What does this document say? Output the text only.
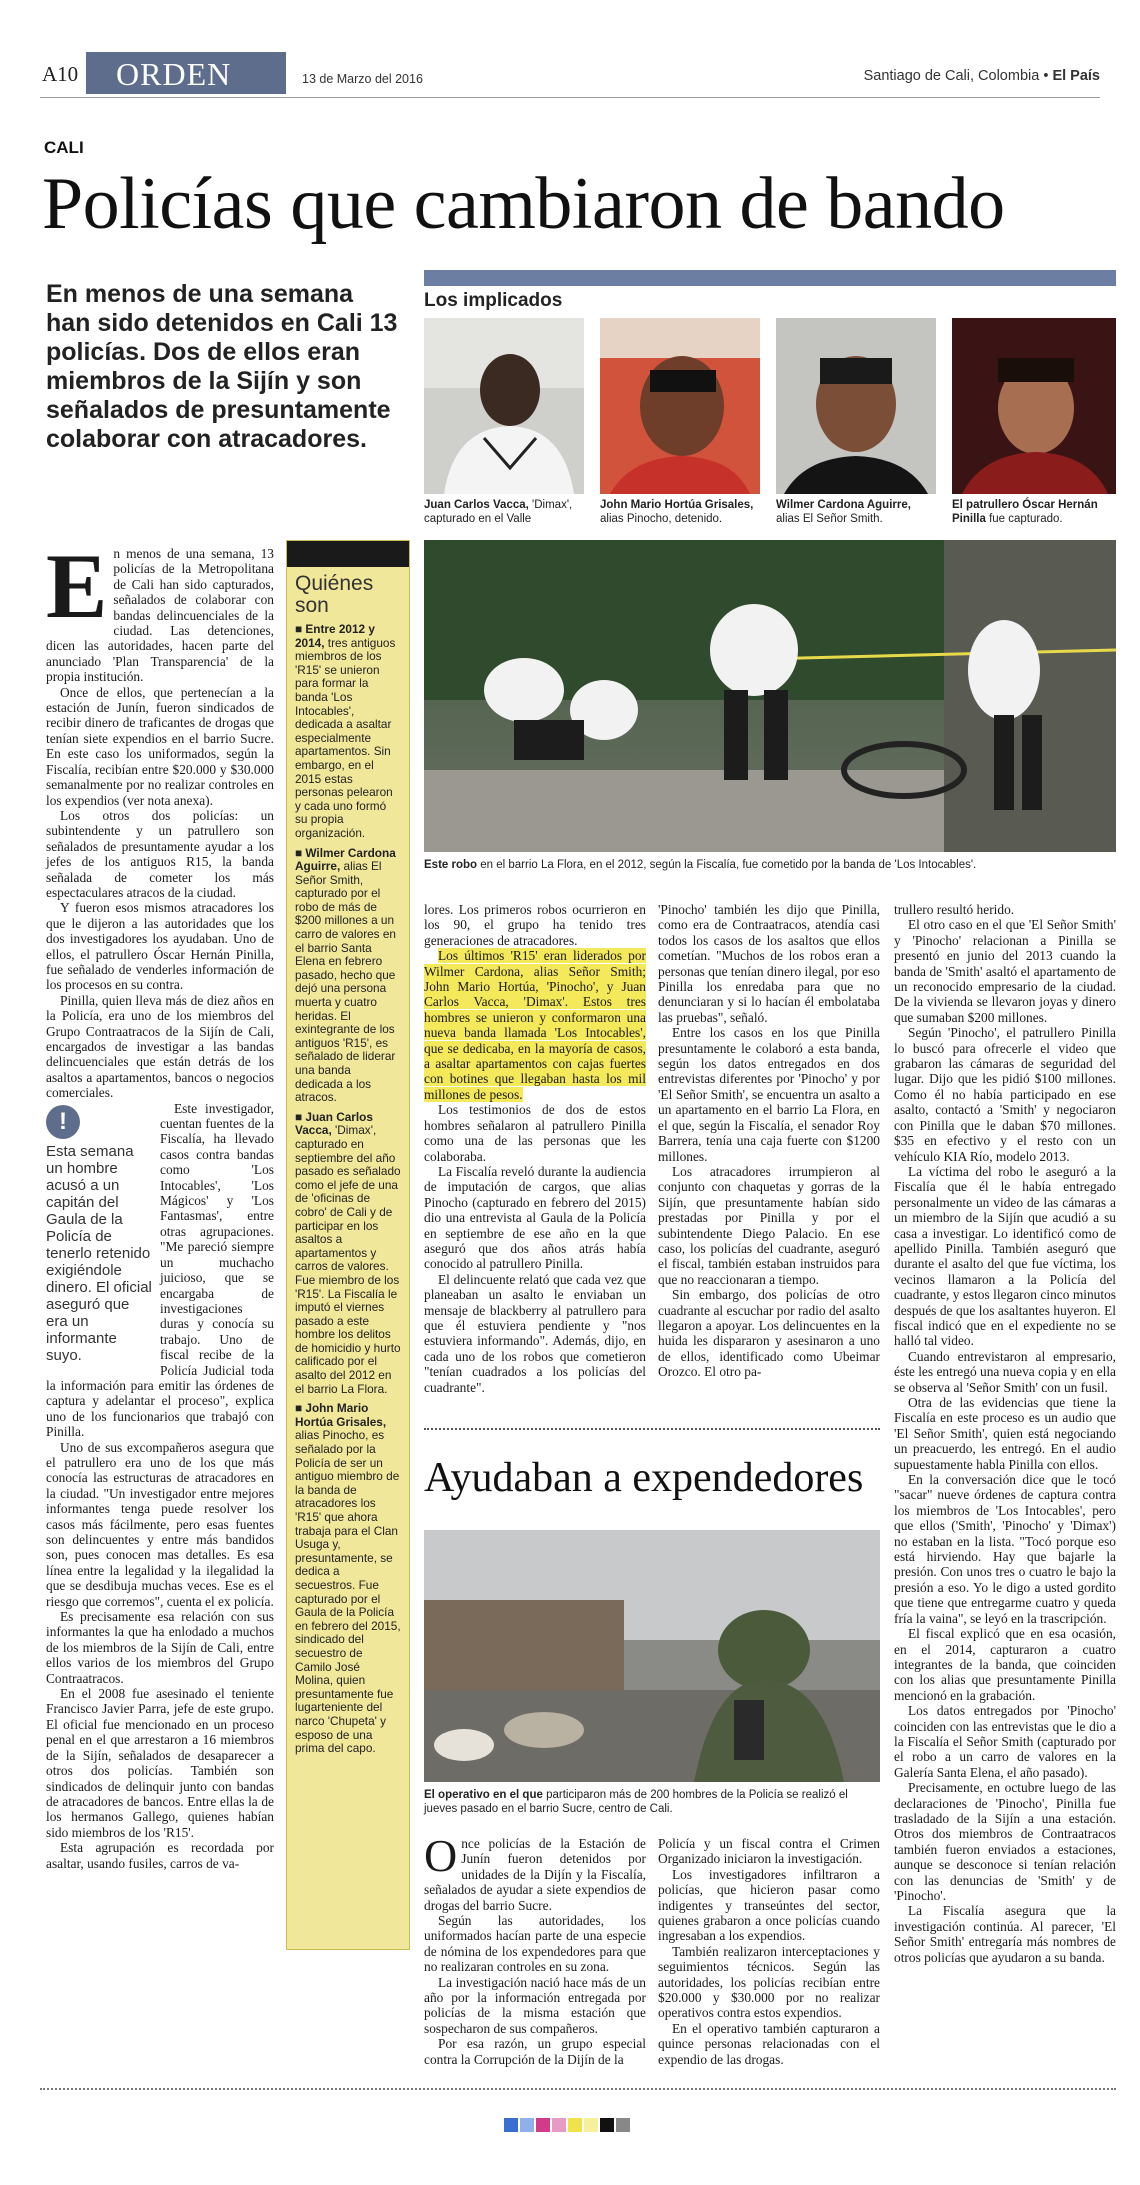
A10 ORDEN	13 de Marzo del 2016	Santiago de Cali, Colombia • El País
CALI
Policías que cambiaron de bando
En menos de una semana han sido detenidos en Cali 13 policías. Dos de ellos eran miembros de la Sijín y son señalados de presuntamente colaborar con atracadores.
Los implicados
Juan Carlos Vacca, 'Dimax', capturado en el Valle
John Mario Hortúa Grisales, alias Pinocho, detenido.
Wilmer Cardona Aguirre, alias El Señor Smith.
El patrullero Óscar Hernán Pinilla fue capturado.
Este robo en el barrio La Flora, en el 2012, según la Fiscalía, fue cometido por la banda de 'Los Intocables'.
E n menos de una semana, 13 policías de la Metropolitana de Cali han sido capturados, señalados de colaborar con bandas delincuenciales de la ciudad. Las detenciones, dicen las autoridades, hacen parte del anunciado 'Plan Transparencia' de la propia institución.

Once de ellos, que pertenecían a la estación de Junín, fueron sindicados de recibir dinero de traficantes de drogas que tenían siete expendios en el barrio Sucre. En este caso los uniformados, según la Fiscalía, recibían entre $20.000 y $30.000 semanalmente por no realizar controles en los expendios (ver nota anexa).

Los otros dos policías: un subintendente y un patrullero son señalados de presuntamente ayudar a los jefes de los antiguos R15, la banda señalada de cometer los más espectaculares atracos de la ciudad.

Y fueron esos mismos atracadores los que le dijeron a las autoridades que los dos investigadores los ayudaban. Uno de ellos, el patrullero Óscar Hernán Pinilla, fue señalado de venderles información de los procesos en su contra.

Pinilla, quien lleva más de diez años en la Policía, era uno de los miembros del Grupo Contraatracos de la Sijín de Cali, encargados de investigar a las bandas delincuenciales que están detrás de los asaltos a apartamentos, bancos o negocios comerciales.

!
Esta semana un hombre acusó a un capitán del Gaula de la Policía de tenerlo retenido exigiéndole dinero. El oficial aseguró que era un informante suyo.

Este investigador, cuentan fuentes de la Fiscalía, ha llevado casos contra bandas como 'Los Intocables', 'Los Mágicos' y 'Los Fantasmas', entre otras agrupaciones. "Me pareció siempre un muchacho juicioso, que se encargaba de investigaciones duras y conocía su trabajo. Uno de fiscal recibe de la Policía Judicial toda la información para emitir las órdenes de captura y adelantar el proceso", explica uno de los funcionarios que trabajó con Pinilla.

Uno de sus excompañeros asegura que el patrullero era uno de los que más conocía las estructuras de atracadores en la ciudad. "Un investigador entre mejores informantes tenga puede resolver los casos más fácilmente, pero esas fuentes son delincuentes y entre más bandidos son, pues conocen mas detalles. Es esa línea entre la legalidad y la ilegalidad la que se desdibuja muchas veces. Ese es el riesgo que corremos", cuenta el ex policía.

Es precisamente esa relación con sus informantes la que ha enlodado a muchos de los miembros de la Sijín de Cali, entre ellos varios de los miembros del Grupo Contraatracos.

En el 2008 fue asesinado el teniente Francisco Javier Parra, jefe de este grupo. El oficial fue mencionado en un proceso penal en el que arrestaron a 16 miembros de la Sijín, señalados de desaparecer a otros dos policías. También son sindicados de delinquir junto con bandas de atracadores de bancos. Entre ellas la de los hermanos Gallego, quienes habían sido miembros de los 'R15'.

Esta agrupación es recordada por asaltar, usando fusiles, carros de va-

Quiénes son
■ Entre 2012 y 2014, tres antiguos miembros de los 'R15' se unieron para formar la banda 'Los Intocables', dedicada a asaltar especialmente apartamentos. Sin embargo, en el 2015 estas personas pelearon y cada uno formó su propia organización.
■ Wilmer Cardona Aguirre, alias El Señor Smith, capturado por el robo de más de $200 millones a un carro de valores en el barrio Santa Elena en febrero pasado, hecho que dejó una persona muerta y cuatro heridas. El exintegrante de los antiguos 'R15', es señalado de liderar una banda dedicada a los atracos.
■ Juan Carlos Vacca, 'Dimax', capturado en septiembre del año pasado es señalado como el jefe de una de 'oficinas de cobro' de Cali y de participar en los asaltos a apartamentos y carros de valores. Fue miembro de los 'R15'. La Fiscalía le imputó el viernes pasado a este hombre los delitos de homicidio y hurto calificado por el asalto del 2012 en el barrio La Flora.
■ John Mario Hortúa Grisales, alias Pinocho, es señalado por la Policía de ser un antiguo miembro de la banda de atracadores los 'R15' que ahora trabaja para el Clan Usuga y, presuntamente, se dedica a secuestros. Fue capturado por el Gaula de la Policía en febrero del 2015, sindicado del secuestro de Camilo José Molina, quien presuntamente fue lugarteniente del narco 'Chupeta' y esposo de una prima del capo.

lores. Los primeros robos ocurrieron en los 90, el grupo ha tenido tres generaciones de atracadores.

Los últimos 'R15' eran liderados por Wilmer Cardona, alias Señor Smith; John Mario Hortúa, 'Pinocho', y Juan Carlos Vacca, 'Dimax'. Estos tres hombres se unieron y conformaron una nueva banda llamada 'Los Intocables', que se dedicaba, en la mayoría de casos, a asaltar apartamentos con cajas fuertes con botines que llegaban hasta los mil millones de pesos.

Los testimonios de dos de estos hombres señalaron al patrullero Pinilla como una de las personas que les colaboraba.

La Fiscalía reveló durante la audiencia de imputación de cargos, que alias Pinocho (capturado en febrero del 2015) dio una entrevista al Gaula de la Policía en septiembre de ese año en la que aseguró que dos años atrás había conocido al patrullero Pinilla.

El delincuente relató que cada vez que planeaban un asalto le enviaban un mensaje de blackberry al patrullero para que él estuviera pendiente y "nos estuviera informando". Además, dijo, en cada uno de los robos que cometieron "tenían cuadrados a los policías del cuadrante".

'Pinocho' también les dijo que Pinilla, como era de Contraatracos, atendía casi todos los casos de los asaltos que ellos cometían. "Muchos de los robos eran a personas que tenían dinero ilegal, por eso Pinilla los enredaba para que no denunciaran y si lo hacían él embolataba las pruebas", señaló.

Entre los casos en los que Pinilla presuntamente le colaboró a esta banda, según los datos entregados en dos entrevistas diferentes por 'Pinocho' y por 'El Señor Smith', se encuentra un asalto a un apartamento en el barrio La Flora, en el que, según la Fiscalía, el senador Roy Barrera, tenía una caja fuerte con $1200 millones.

Los atracadores irrumpieron al conjunto con chaquetas y gorras de la Sijín, que presuntamente habían sido prestadas por Pinilla y por el subintendente Diego Palacio. En ese caso, los policías del cuadrante, aseguró el fiscal, también estaban instruidos para que no reaccionaran a tiempo.

Sin embargo, dos policías de otro cuadrante al escuchar por radio del asalto llegaron a apoyar. Los delincuentes en la huida les dispararon y asesinaron a uno de ellos, identificado como Ubeimar Orozco. El otro pa-

trullero resultó herido.

El otro caso en el que 'El Señor Smith' y 'Pinocho' relacionan a Pinilla se presentó en junio del 2013 cuando la banda de 'Smith' asaltó el apartamento de un reconocido empresario de la ciudad. De la vivienda se llevaron joyas y dinero que sumaban $200 millones.

Según 'Pinocho', el patrullero Pinilla lo buscó para ofrecerle el video que grabaron las cámaras de seguridad del lugar. Dijo que les pidió $100 millones. Como él no había participado en ese asalto, contactó a 'Smith' y negociaron con Pinilla que le daban $70 millones. $35 en efectivo y el resto con un vehículo KIA Río, modelo 2013.

La víctima del robo le aseguró a la Fiscalía que él le había entregado personalmente un video de las cámaras a un miembro de la Sijín que acudió a su casa a investigar. Lo identificó como de apellido Pinilla. También aseguró que durante el asalto del que fue víctima, los vecinos llamaron a la Policía del cuadrante, y estos llegaron cinco minutos después de que los asaltantes huyeron. El fiscal indicó que en el expediente no se halló tal video.

Cuando entrevistaron al empresario, éste les entregó una nueva copia y en ella se observa al 'Señor Smith' con un fusil.

Otra de las evidencias que tiene la Fiscalía en este proceso es un audio que 'El Señor Smith', quien está negociando un preacuerdo, les entregó. En el audio supuestamente habla Pinilla con ellos.

En la conversación dice que le tocó "sacar" nueve órdenes de captura contra los miembros de 'Los Intocables', pero que ellos ('Smith', 'Pinocho' y 'Dimax') no estaban en la lista. "Tocó porque eso está hirviendo. Hay que bajarle la presión. Con unos tres o cuatro le bajo la presión a eso. Yo le digo a usted gordito que tiene que entregarme cuatro y queda fría la vaina", se leyó en la trascripción.

El fiscal explicó que en esa ocasión, en el 2014, capturaron a cuatro integrantes de la banda, que coinciden con los alias que presuntamente Pinilla mencionó en la grabación.

Los datos entregados por 'Pinocho' coinciden con las entrevistas que le dio a la Fiscalía el Señor Smith (capturado por el robo a un carro de valores en la Galería Santa Elena, el año pasado).

Precisamente, en octubre luego de las declaraciones de 'Pinocho', Pinilla fue trasladado de la Sijín a una estación. Otros dos miembros de Contraatracos también fueron enviados a estaciones, aunque se desconoce si tenían relación con las denuncias de 'Smith' y de 'Pinocho'.

La Fiscalía asegura que la investigación continúa. Al parecer, 'El Señor Smith' entregaría más nombres de otros policías que ayudaron a su banda.

Ayudaban a expendedores
El operativo en el que participaron más de 200 hombres de la Policía se realizó el jueves pasado en el barrio Sucre, centro de Cali.
O nce policías de la Estación de Junín fueron detenidos por unidades de la Dijín y la Fiscalía, señalados de ayudar a siete expendios de drogas del barrio Sucre.

Según las autoridades, los uniformados hacían parte de una especie de nómina de los expendedores para que no realizaran controles en su zona.

La investigación nació hace más de un año por la información entregada por policías de la misma estación que sospecharon de sus compañeros.

Por esa razón, un grupo especial contra la Corrupción de la Dijín de la

Policía y un fiscal contra el Crimen Organizado iniciaron la investigación.

Los investigadores infiltraron a policías, que hicieron pasar como indigentes y transeúntes del sector, quienes grabaron a once policías cuando ingresaban a los expendios.

También realizaron interceptaciones y seguimientos técnicos. Según las autoridades, los policías recibían entre $20.000 y $30.000 por no realizar operativos contra estos expendios.

En el operativo también capturaron a quince personas relacionadas con el expendio de las drogas.
